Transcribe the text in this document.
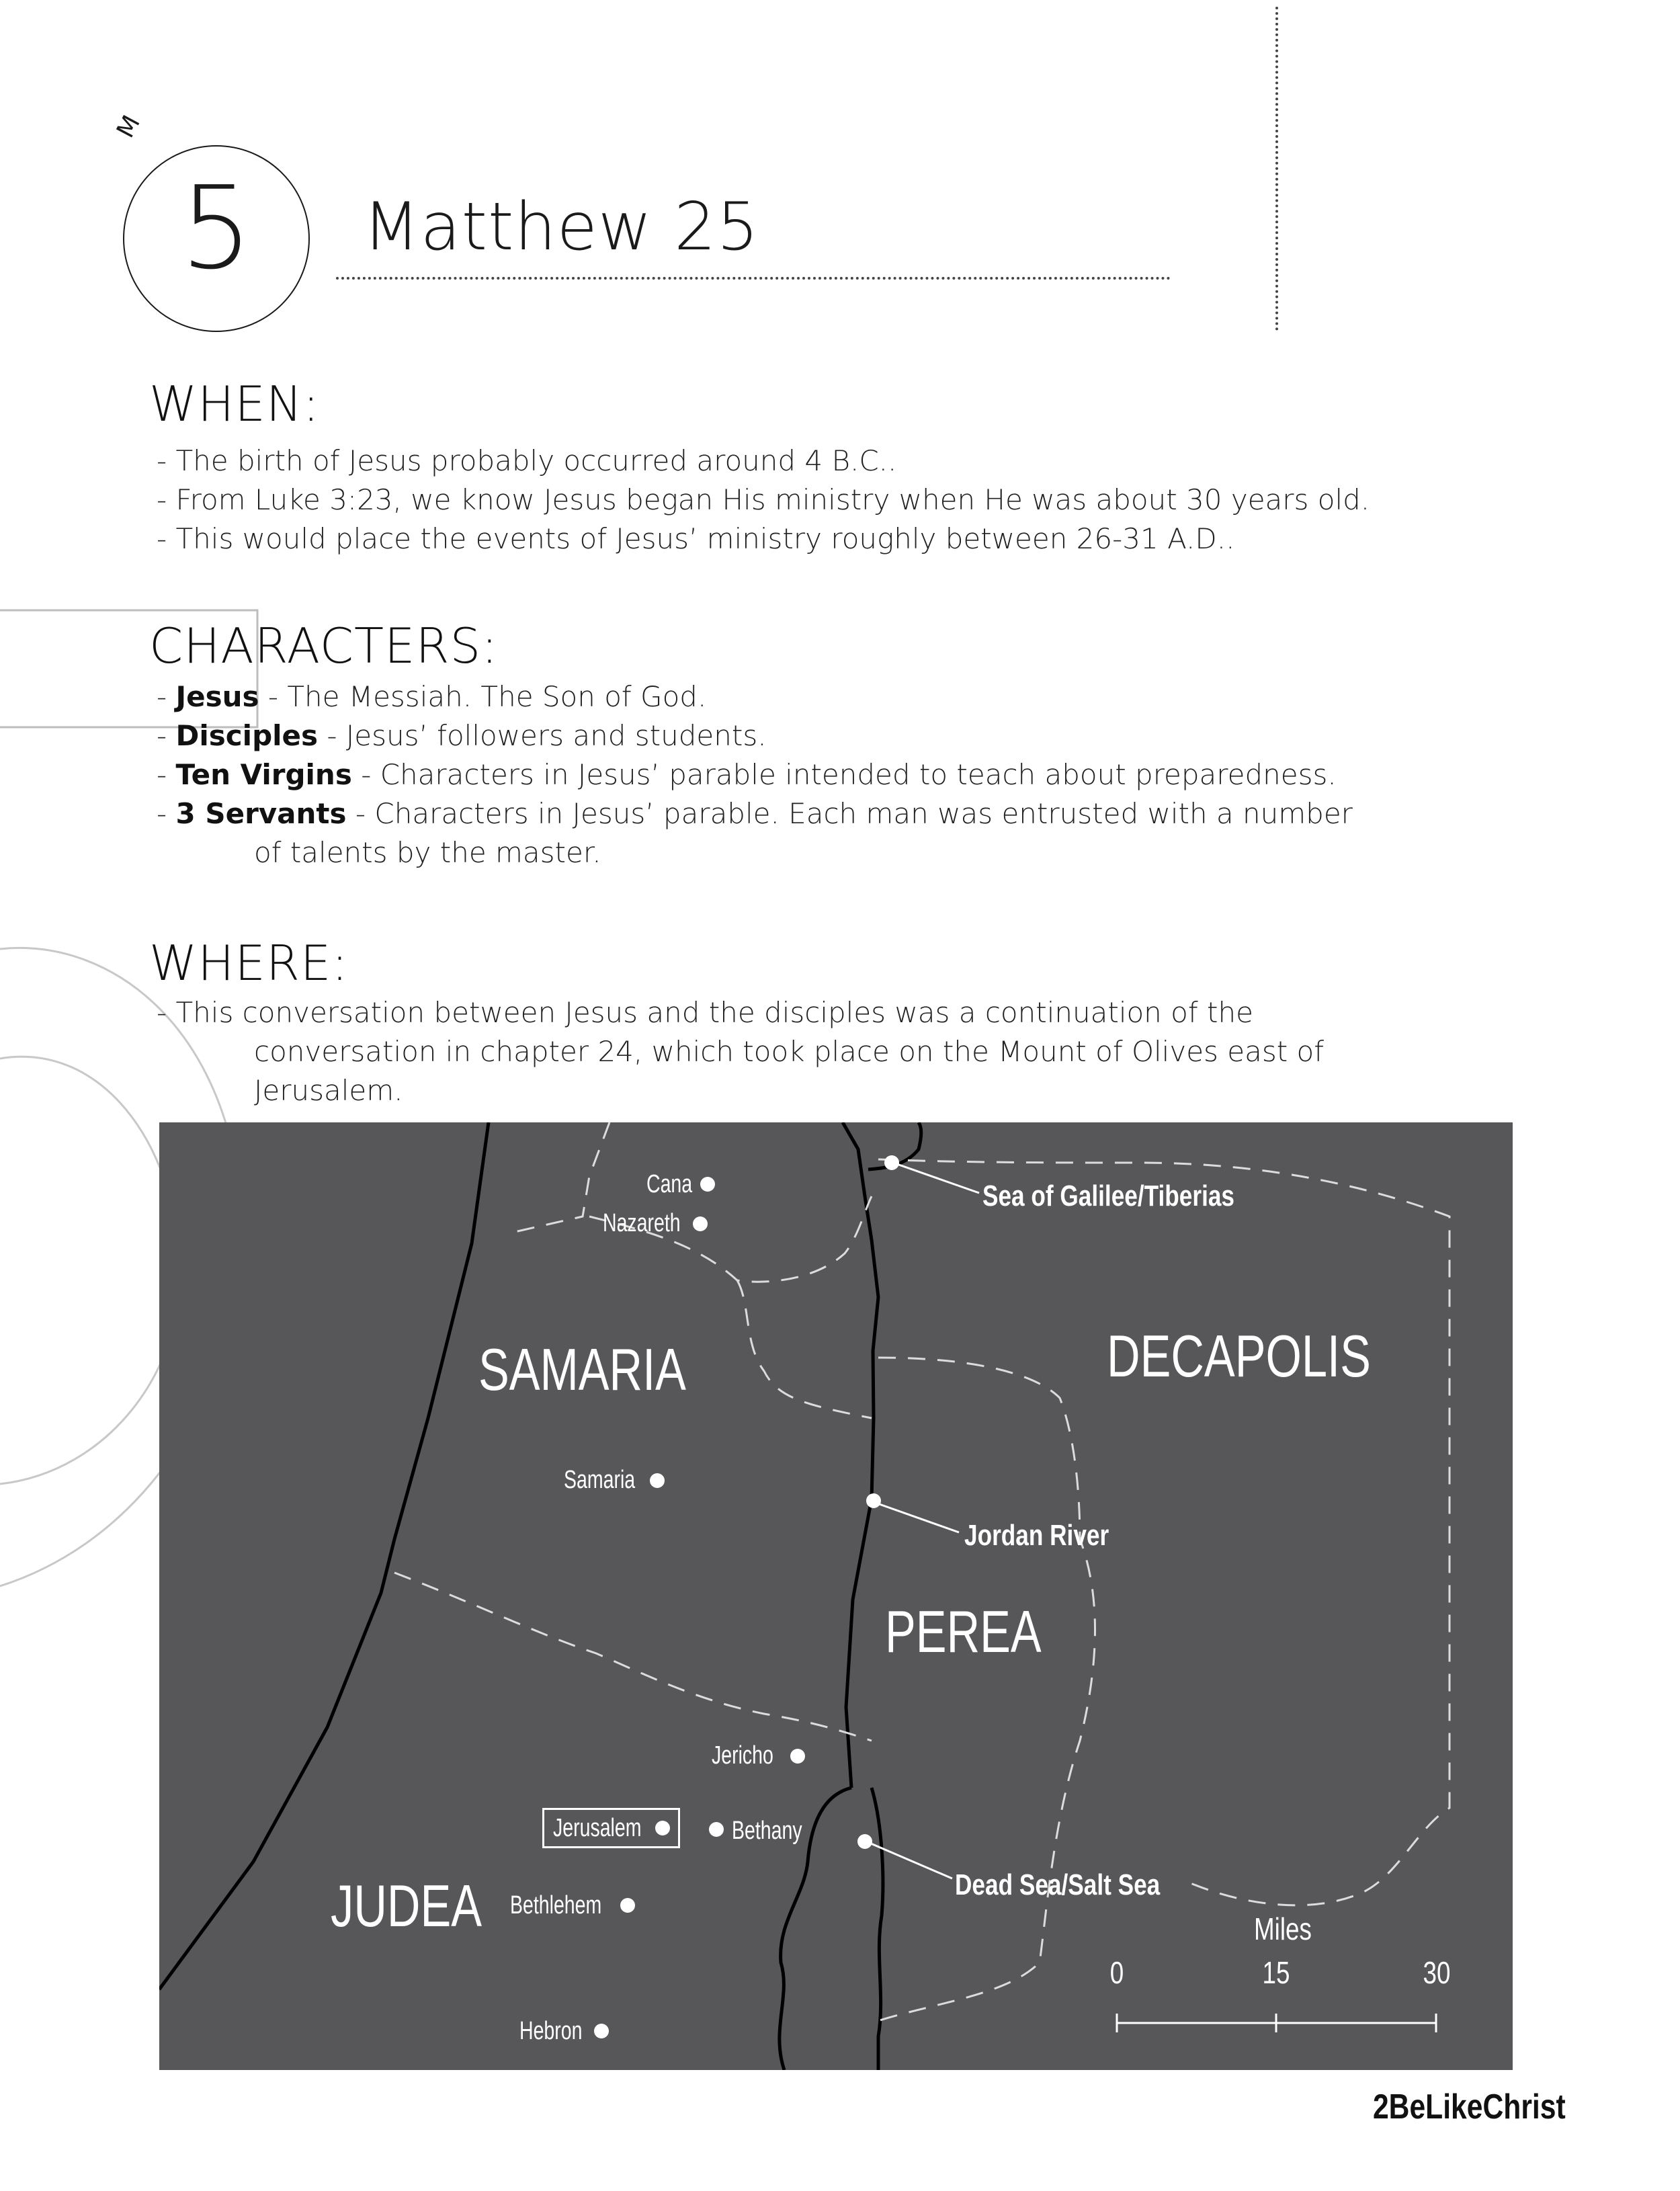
M
5	Matthew 25
WHEN:
- The birth of Jesus probably occurred around 4 B.C..
- From Luke 3:23, we know Jesus began His ministry when He was about 30 years old.
- This would place the events of Jesus’ ministry roughly between 26-31 A.D..
CHARACTERS:
- Jesus - The Messiah. The Son of God.
- Disciples - Jesus’ followers and students.
- Ten Virgins - Characters in Jesus’ parable intended to teach about preparedness.
- 3 Servants - Characters in Jesus’ parable. Each man was entrusted with a number
of talents by the master.
WHERE:
- This conversation between Jesus and the disciples was a continuation of the
conversation in chapter 24, which took place on the Mount of Olives east of
Jerusalem.
SAMARIA	DECAPOLIS
PEREA
JUDEA
Cana
Nazareth
Samaria
Jericho
Jerusalem	Bethany
Bethlehem
Hebron
Sea of Galilee/Tiberias
Jordan River
Dead Sea/Salt Sea
Miles
0	15	30
2BeLikeChrist
